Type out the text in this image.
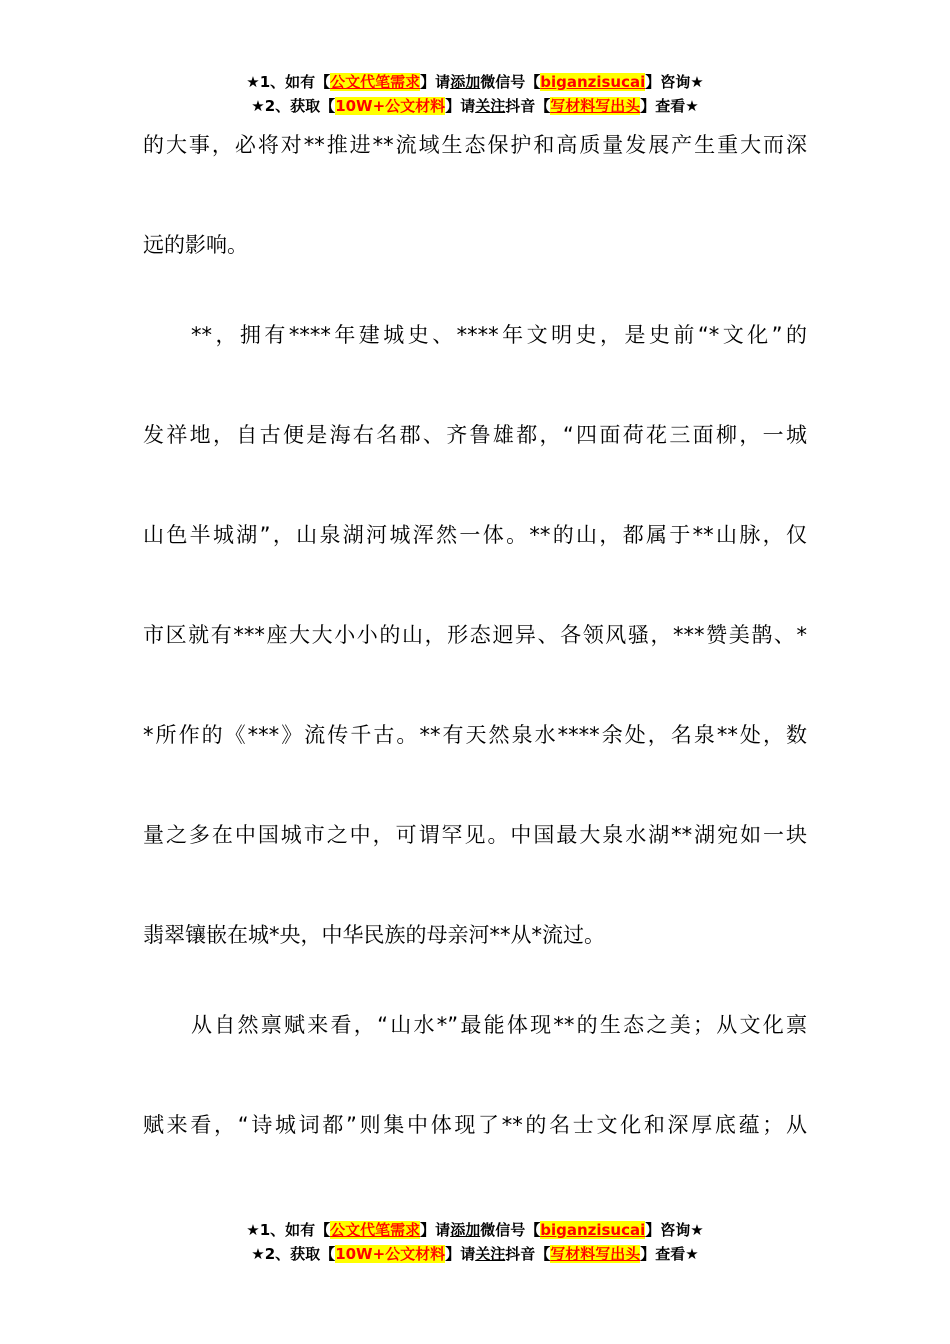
★1、如有【公文代笔需求】请添加微信号【biganzisucai】咨询★
★2、获取【10W+公文材料】请关注抖音【写材料写出头】查看★
的大事，必将对**推进**流域生态保护和高质量发展产生重大而深
远的影响。
**，拥有****年建城史、****年文明史，是史前“*文化”的
发祥地，自古便是海右名郡、齐鲁雄都，“四面荷花三面柳，一城
山色半城湖”，山泉湖河城浑然一体。**的山，都属于**山脉，仅
市区就有***座大大小小的山，形态迥异、各领风骚，***赞美鹊、*
*所作的《***》流传千古。**有天然泉水****余处，名泉**处，数
量之多在中国城市之中，可谓罕见。中国最大泉水湖**湖宛如一块
翡翠镶嵌在城*央，中华民族的母亲河**从*流过。
从自然禀赋来看，“山水*”最能体现**的生态之美；从文化禀
赋来看，“诗城词都”则集中体现了**的名士文化和深厚底蕴；从
★1、如有【公文代笔需求】请添加微信号【biganzisucai】咨询★
★2、获取【10W+公文材料】请关注抖音【写材料写出头】查看★
